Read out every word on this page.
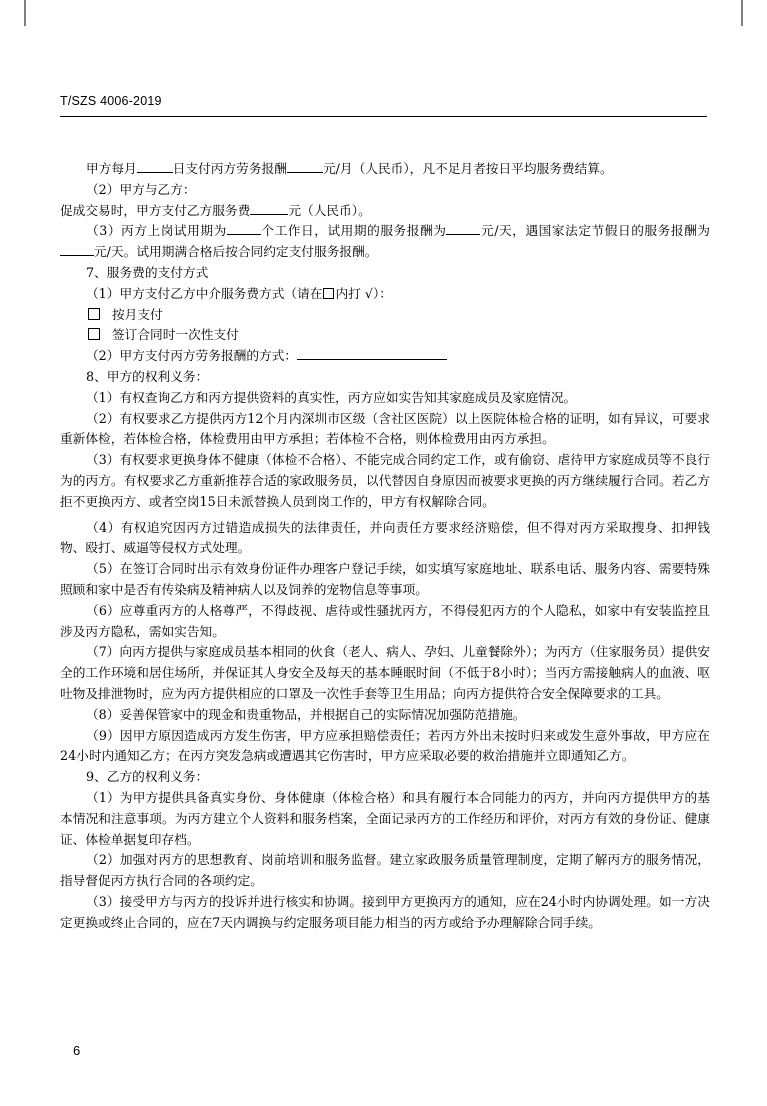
T/SZS 4006-2019

甲方每月	日支付丙方劳务报酬	元/月（人民币），凡不足月者按日平均服务费结算。

（2）甲方与乙方：

促成交易时，甲方支付乙方服务费	元（人民币）。

（3）丙方上岗试用期为	个工作日，试用期的服务报酬为	元/天，遇国家法定节假日的服务报酬为元/天。试用期满合格后按合同约定支付服务报酬。

7、服务费的支付方式

（1）甲方支付乙方中介服务费方式（请在 内打 √）：

按月支付

签订合同时一次性支付

（2）甲方支付丙方劳务报酬的方式：

8、甲方的权利义务：

（1）有权查询乙方和丙方提供资料的真实性，丙方应如实告知其家庭成员及家庭情况。

（2）有权要求乙方提供丙方12个月内深圳市区级（含社区医院）以上医院体检合格的证明，如有异议，可要求重新体检，若体检合格，体检费用由甲方承担；若体检不合格，则体检费用由丙方承担。

（3）有权要求更换身体不健康（体检不合格）、不能完成合同约定工作，或有偷窃、虐待甲方家庭成员等不良行为的丙方。有权要求乙方重新推荐合适的家政服务员，以代替因自身原因而被要求更换的丙方继续履行合同。若乙方拒不更换丙方、或者空岗15日未派替换人员到岗工作的，甲方有权解除合同。

（4）有权追究因丙方过错造成损失的法律责任，并向责任方要求经济赔偿，但不得对丙方采取搜身、扣押钱物、殴打、威逼等侵权方式处理。

（5）在签订合同时出示有效身份证件办理客户登记手续，如实填写家庭地址、联系电话、服务内容、需要特殊照顾和家中是否有传染病及精神病人以及饲养的宠物信息等事项。

（6）应尊重丙方的人格尊严，不得歧视、虐待或性骚扰丙方，不得侵犯丙方的个人隐私，如家中有安装监控且涉及丙方隐私，需如实告知。

（7）向丙方提供与家庭成员基本相同的伙食（老人、病人、孕妇、儿童餐除外）；为丙方（住家服务员）提供安全的工作环境和居住场所，并保证其人身安全及每天的基本睡眠时间（不低于8小时）；当丙方需接触病人的血液、呕吐物及排泄物时，应为丙方提供相应的口罩及一次性手套等卫生用品；向丙方提供符合安全保障要求的工具。

（8）妥善保管家中的现金和贵重物品，并根据自己的实际情况加强防范措施。

（9）因甲方原因造成丙方发生伤害，甲方应承担赔偿责任；若丙方外出未按时归来或发生意外事故，甲方应在24小时内通知乙方；在丙方突发急病或遭遇其它伤害时，甲方应采取必要的救治措施并立即通知乙方。

9、乙方的权利义务：

（1）为甲方提供具备真实身份、身体健康（体检合格）和具有履行本合同能力的丙方，并向丙方提供甲方的基本情况和注意事项。为丙方建立个人资料和服务档案，全面记录丙方的工作经历和评价，对丙方有效的身份证、健康证、体检单据复印存档。

（2）加强对丙方的思想教育、岗前培训和服务监督。建立家政服务质量管理制度，定期了解丙方的服务情况，指导督促丙方执行合同的各项约定。

（3）接受甲方与丙方的投诉并进行核实和协调。接到甲方更换丙方的通知，应在24小时内协调处理。如一方决定更换或终止合同的，应在7天内调换与约定服务项目能力相当的丙方或给予办理解除合同手续。

6
